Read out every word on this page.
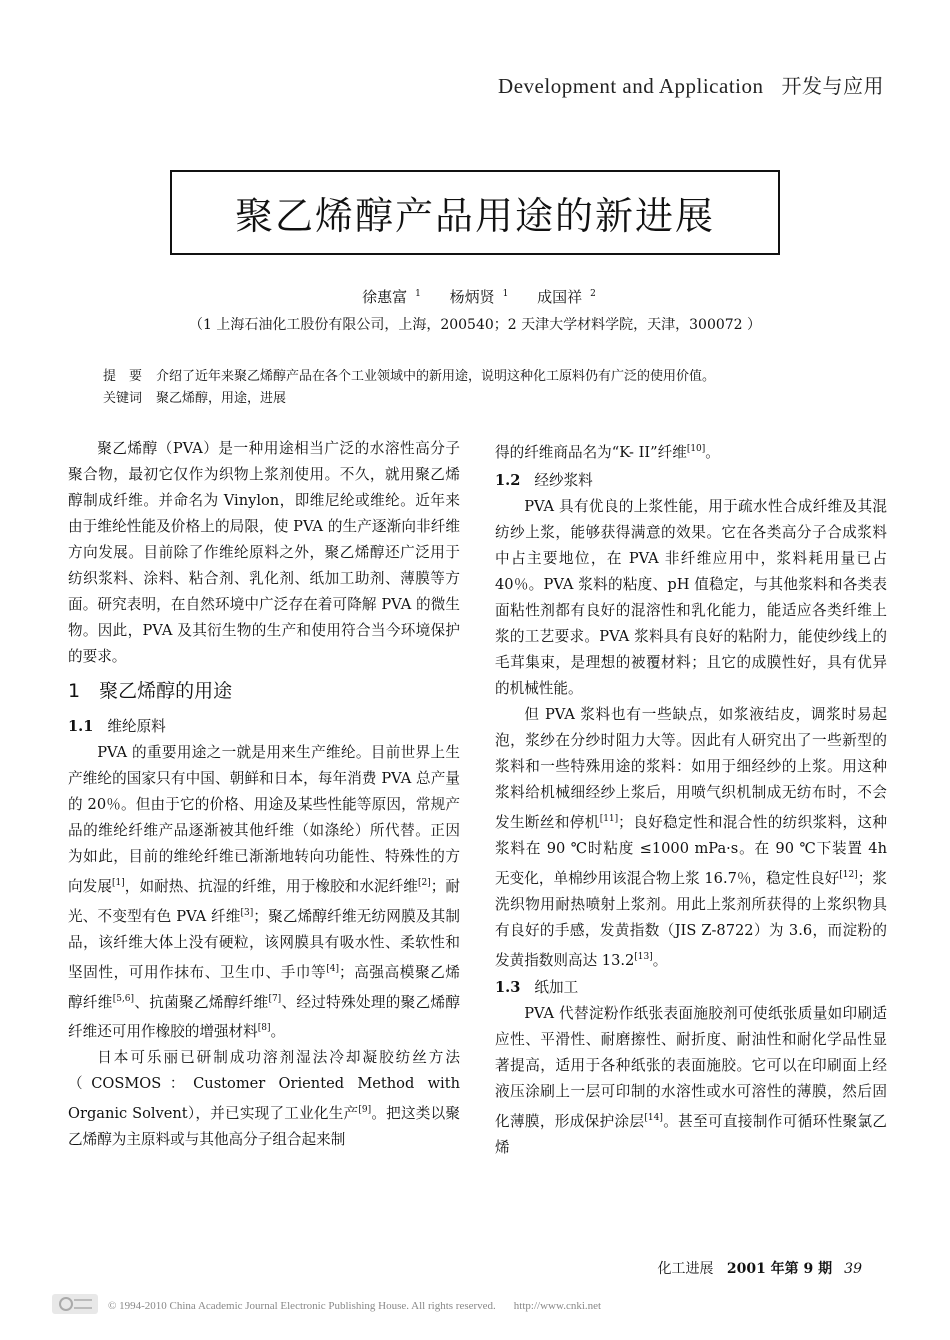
Development and Application 开发与应用
聚乙烯醇产品用途的新进展
徐惠富 $^1$ 杨炳贤 $^1$ 成国祥 $^2$
（1 上海石油化工股份有限公司，上海，200540；2 天津大学材料学院，天津，300072 ）
提　要 介绍了近年来聚乙烯醇产品在各个工业领域中的新用途，说明这种化工原料仍有广泛的使用价值。
关键词 聚乙烯醇，用途，进展

聚乙烯醇（PVA）是一种用途相当广泛的水溶性高分子聚合物，最初它仅作为织物上浆剂使用。不久，就用聚乙烯醇制成纤维。并命名为 Vinylon，即维尼纶或维纶。近年来由于维纶性能及价格上的局限，使 PVA 的生产逐渐向非纤维方向发展。目前除了作维纶原料之外，聚乙烯醇还广泛用于纺织浆料、涂料、粘合剂、乳化剂、纸加工助剂、薄膜等方面。研究表明，在自然环境中广泛存在着可降解 PVA 的微生物。因此，PVA 及其衍生物的生产和使用符合当今环境保护的要求。

1　聚乙烯醇的用途
1.1 维纶原料

PVA 的重要用途之一就是用来生产维纶。目前世界上生产维纶的国家只有中国、朝鲜和日本，每年消费 PVA 总产量的 20％。但由于它的价格、用途及某些性能等原因，常规产品的维纶纤维产品逐渐被其他纤维（如涤纶）所代替。正因为如此，目前的维纶纤维已渐渐地转向功能性、特殊性的方向发展[1]，如耐热、抗湿的纤维，用于橡胶和水泥纤维[2]；耐光、不变型有色 PVA 纤维[3]；聚乙烯醇纤维无纺网膜及其制品，该纤维大体上没有硬粒，该网膜具有吸水性、柔软性和坚固性，可用作抹布、卫生巾、手巾等[4]；高强高模聚乙烯醇纤维[5,6]、抗菌聚乙烯醇纤维[7]、经过特殊处理的聚乙烯醇纤维还可用作橡胶的增强材料[8]。

日本可乐丽已研制成功溶剂湿法冷却凝胶纺丝方法（COSMOS：Customer Oriented Method with Organic Solvent），并已实现了工业化生产[9]。把这类以聚乙烯醇为主原料或与其他高分子组合起来制

得的纤维商品名为“K- II”纤维[10]。

1.2 经纱浆料

PVA 具有优良的上浆性能，用于疏水性合成纤维及其混纺纱上浆，能够获得满意的效果。它在各类高分子合成浆料中占主要地位，在 PVA 非纤维应用中，浆料耗用量已占 40％。PVA 浆料的粘度、pH 值稳定，与其他浆料和各类表面粘性剂都有良好的混溶性和乳化能力，能适应各类纤维上浆的工艺要求。PVA 浆料具有良好的粘附力，能使纱线上的毛茸集束，是理想的被覆材料；且它的成膜性好，具有优异的机械性能。

但 PVA 浆料也有一些缺点，如浆液结皮，调浆时易起泡，浆纱在分纱时阻力大等。因此有人研究出了一些新型的浆料和一些特殊用途的浆料：如用于细经纱的上浆。用这种浆料给机械细经纱上浆后，用喷气织机制成无纺布时，不会发生断丝和停机[11]；良好稳定性和混合性的纺织浆料，这种浆料在 90 ℃时粘度 ≤1000 mPa·s。在 90 ℃下装置 4h 无变化，单棉纱用该混合物上浆 16.7％，稳定性良好[12]；浆洗织物用耐热喷射上浆剂。用此上浆剂所获得的上浆织物具有良好的手感，发黄指数（JIS Z-8722）为 3.6，而淀粉的发黄指数则高达 13.2[13]。

1.3 纸加工

PVA 代替淀粉作纸张表面施胶剂可使纸张质量如印刷适应性、平滑性、耐磨擦性、耐折度、耐油性和耐化学品性显著提高，适用于各种纸张的表面施胶。它可以在印刷面上经液压涂刷上一层可印制的水溶性或水可溶性的薄膜，然后固化薄膜，形成保护涂层[14]。甚至可直接制作可循环性聚氯乙烯

化工进展 2001 年第 9 期 39
© 1994-2010 China Academic Journal Electronic Publishing House. All rights reserved. http://www.cnki.net
